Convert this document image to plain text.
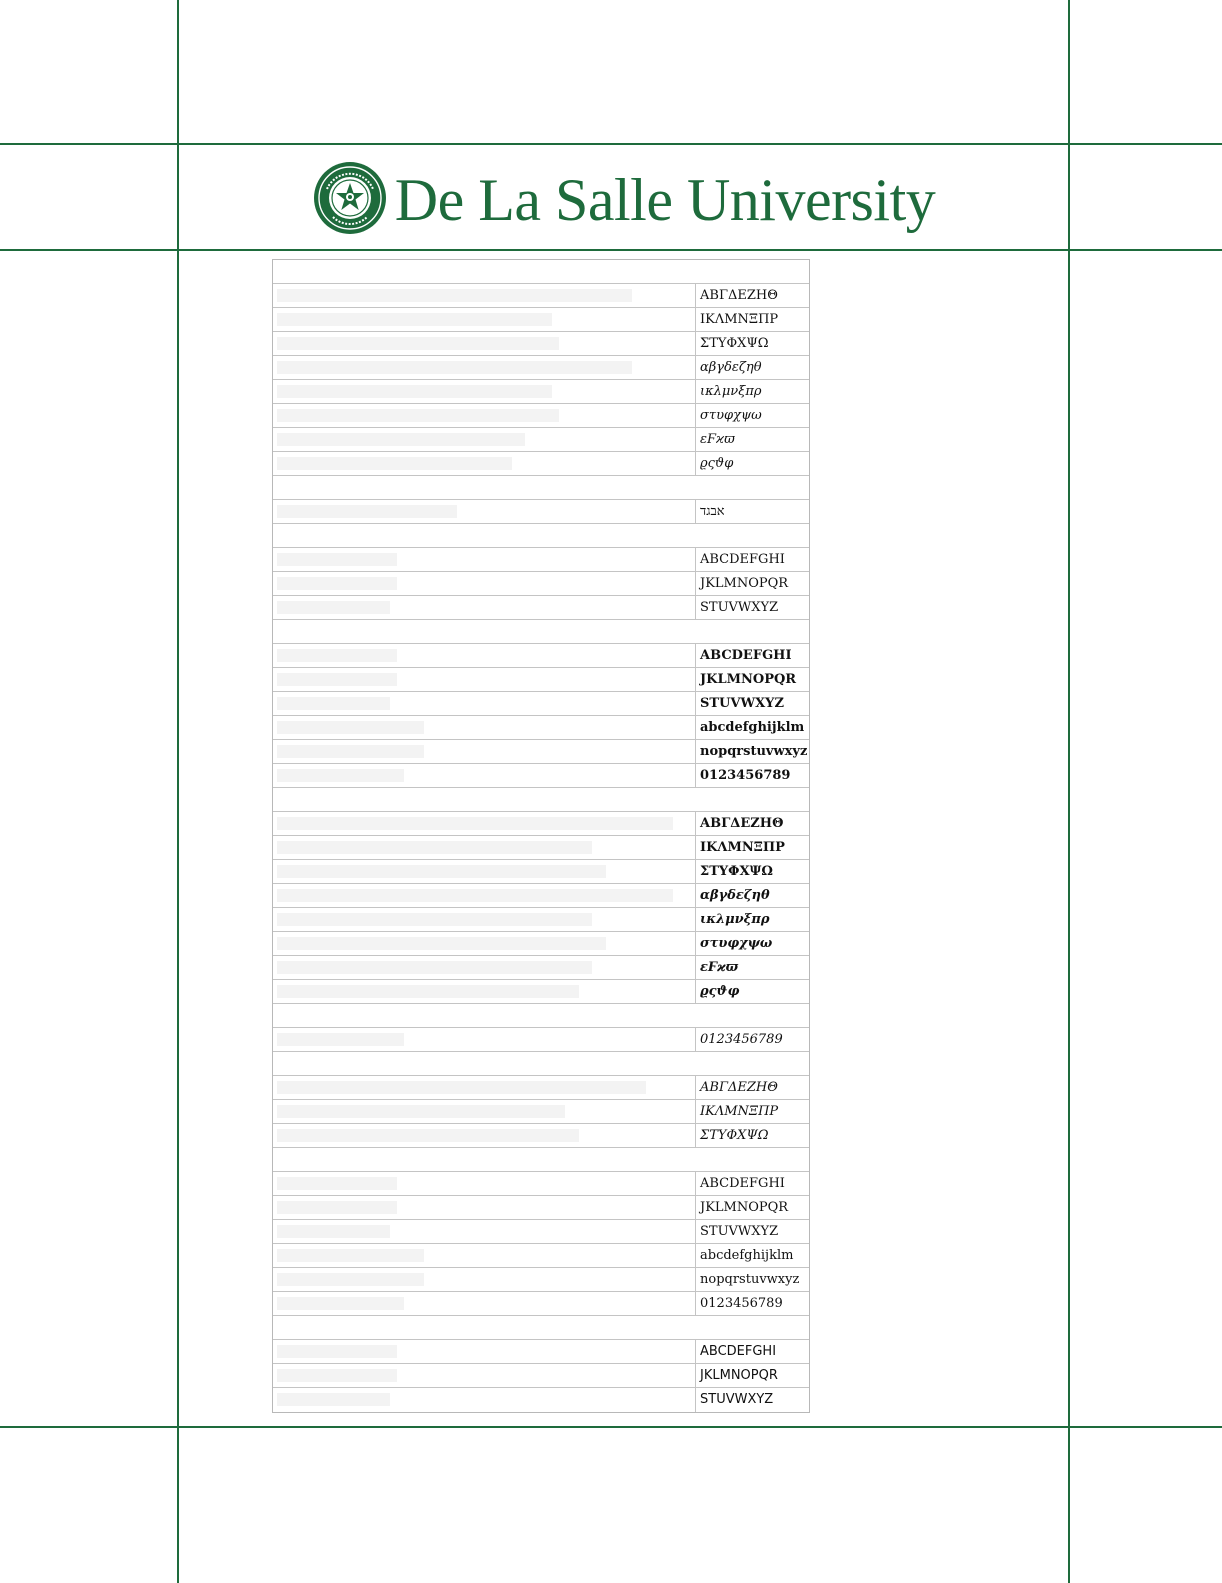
De La Salle University
ΑΒΓΔΕΖΗΘ
ΙΚΛΜΝΞΠΡ
ΣΤΥΦΧΨΩ
αβγδεζηθ
ικλμνξπρ
στυφχψω
εϜϰϖ
ϱςϑφ
אבגד
ABCDEFGHI
JKLMNOPQR
STUVWXYZ
ABCDEFGHI
JKLMNOPQR
STUVWXYZ
abcdefghijklm
nopqrstuvwxyz
0123456789
ΑΒΓΔΕΖΗΘ
ΙΚΛΜΝΞΠΡ
ΣΤΥΦΧΨΩ
αβγδεζηθ
ικλμνξπρ
στυφχψω
εϜϰϖ
ϱςϑφ
0123456789
ΑΒΓΔΕΖΗΘ
ΙΚΛΜΝΞΠΡ
ΣΤΥΦΧΨΩ
ABCDEFGHI
JKLMNOPQR
STUVWXYZ
abcdefghijklm
nopqrstuvwxyz
0123456789
ABCDEFGHI
JKLMNOPQR
STUVWXYZ
